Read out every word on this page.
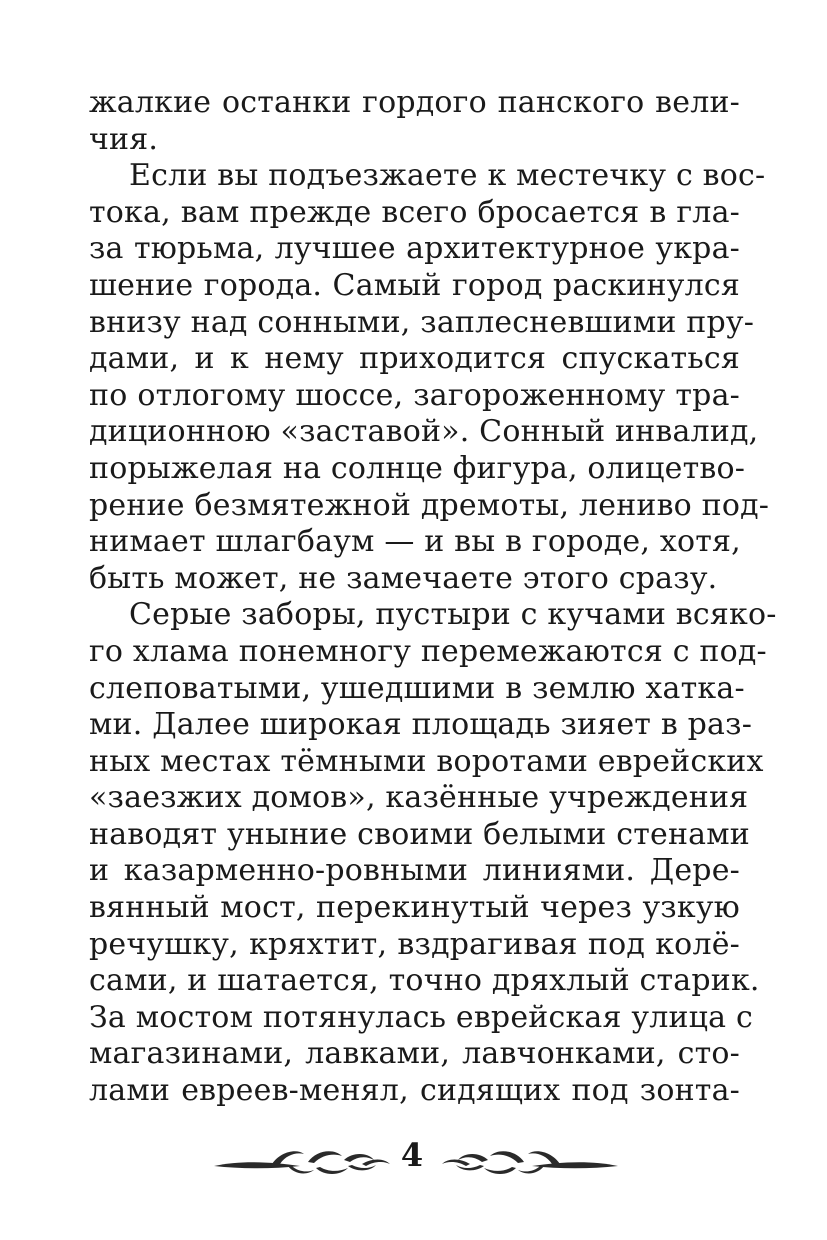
жалкие останки гордого панского вели-
чия.
Если вы подъезжаете к местечку с вос-
тока, вам прежде всего бросается в гла-
за тюрьма, лучшее архитектурное укра-
шение города. Самый город раскинулся
внизу над сонными, заплесневшими пру-
дами, и к нему приходится спускаться
по отлогому шоссе, загороженному тра-
диционною «заставой». Сонный инвалид,
порыжелая на солнце фигура, олицетво-
рение безмятежной дремоты, лениво под-
нимает шлагбаум — и вы в городе, хотя,
быть может, не замечаете этого сразу.
Серые заборы, пустыри с кучами всяко-
го хлама понемногу перемежаются с под-
слеповатыми, ушедшими в землю хатка-
ми. Далее широкая площадь зияет в раз-
ных местах тёмными воротами еврейских
«заезжих домов», казённые учреждения
наводят уныние своими белыми стенами
и казарменно-ровными линиями. Дере-
вянный мост, перекинутый через узкую
речушку, кряхтит, вздрагивая под колё-
сами, и шатается, точно дряхлый старик.
За мостом потянулась еврейская улица с
магазинами, лавками, лавчонками, сто-
лами евреев-менял, сидящих под зонта-
4
